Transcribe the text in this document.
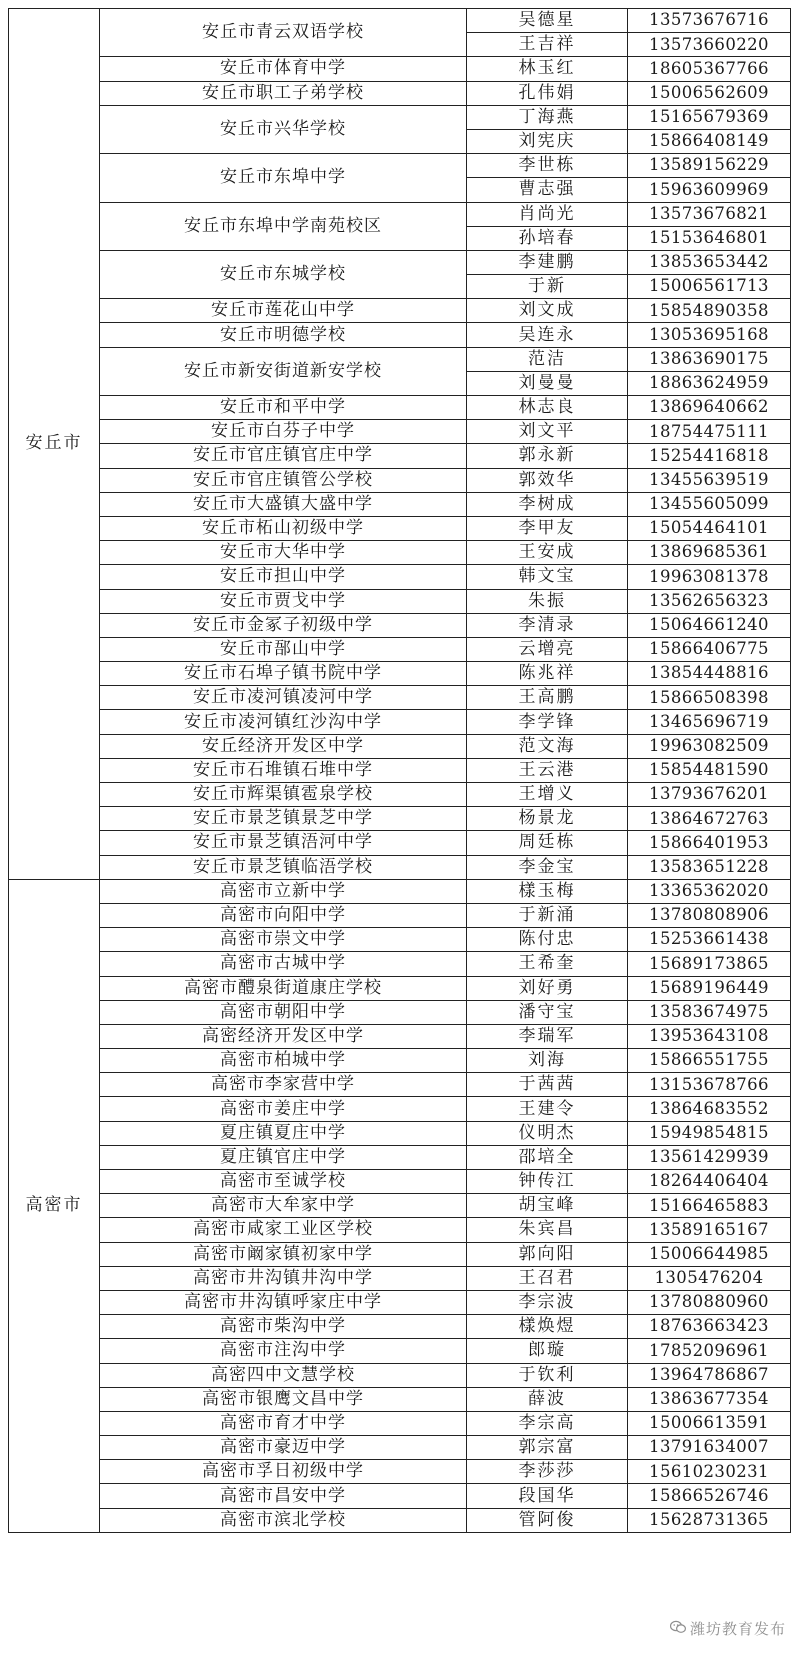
安丘市	安丘市青云双语学校	吴德星	13573676716
		王吉祥	13573660220
	安丘市体育中学	林玉红	18605367766
	安丘市职工子弟学校	孔伟娟	15006562609
	安丘市兴华学校	丁海燕	15165679369
		刘宪庆	15866408149
	安丘市东埠中学	李世栋	13589156229
		曹志强	15963609969
	安丘市东埠中学南苑校区	肖尚光	13573676821
		孙培春	15153646801
	安丘市东城学校	李建鹏	13853653442
		于新	15006561713
	安丘市莲花山中学	刘文成	15854890358
	安丘市明德学校	吴连永	13053695168
	安丘市新安街道新安学校	范洁	13863690175
		刘曼曼	18863624959
	安丘市和平中学	林志良	13869640662
	安丘市白芬子中学	刘文平	18754475111
	安丘市官庄镇官庄中学	郭永新	15254416818
	安丘市官庄镇管公学校	郭效华	13455639519
	安丘市大盛镇大盛中学	李树成	13455605099
	安丘市柘山初级中学	李甲友	15054464101
	安丘市大华中学	王安成	13869685361
	安丘市担山中学	韩文宝	19963081378
	安丘市贾戈中学	朱振	13562656323
	安丘市金冢子初级中学	李清录	15064661240
	安丘市郚山中学	云增亮	15866406775
	安丘市石埠子镇书院中学	陈兆祥	13854448816
	安丘市凌河镇凌河中学	王高鹏	15866508398
	安丘市凌河镇红沙沟中学	李学锋	13465696719
	安丘经济开发区中学	范文海	19963082509
	安丘市石堆镇石堆中学	王云港	15854481590
	安丘市辉渠镇雹泉学校	王增义	13793676201
	安丘市景芝镇景芝中学	杨景龙	13864672763
	安丘市景芝镇浯河中学	周廷栋	15866401953
	安丘市景芝镇临浯学校	李金宝	13583651228
高密市	高密市立新中学	樣玉梅	13365362020
	高密市向阳中学	于新涌	13780808906
	高密市崇文中学	陈付忠	15253661438
	高密市古城中学	王希奎	15689173865
	高密市醴泉街道康庄学校	刘好勇	15689196449
	高密市朝阳中学	潘守宝	13583674975
	高密经济开发区中学	李瑞军	13953643108
	高密市柏城中学	刘海	15866551755
	高密市李家营中学	于茜茜	13153678766
	高密市姜庄中学	王建令	13864683552
	夏庄镇夏庄中学	仪明杰	15949854815
	夏庄镇官庄中学	邵培全	13561429939
	高密市至诚学校	钟传江	18264406404
	高密市大牟家中学	胡宝峰	15166465883
	高密市咸家工业区学校	朱宾昌	13589165167
	高密市阚家镇初家中学	郭向阳	15006644985
	高密市井沟镇井沟中学	王召君	1305476204
	高密市井沟镇呼家庄中学	李宗波	13780880960
	高密市柴沟中学	樣焕煜	18763663423
	高密市注沟中学	郎璇	17852096961
	高密四中文慧学校	于钦利	13964786867
	高密市银鹰文昌中学	薛波	13863677354
	高密市育才中学	李宗高	15006613591
	高密市豪迈中学	郭宗富	13791634007
	高密市孚日初级中学	李莎莎	15610230231
	高密市昌安中学	段国华	15866526746
	高密市滨北学校	管阿俊	15628731365
潍坊教育发布
